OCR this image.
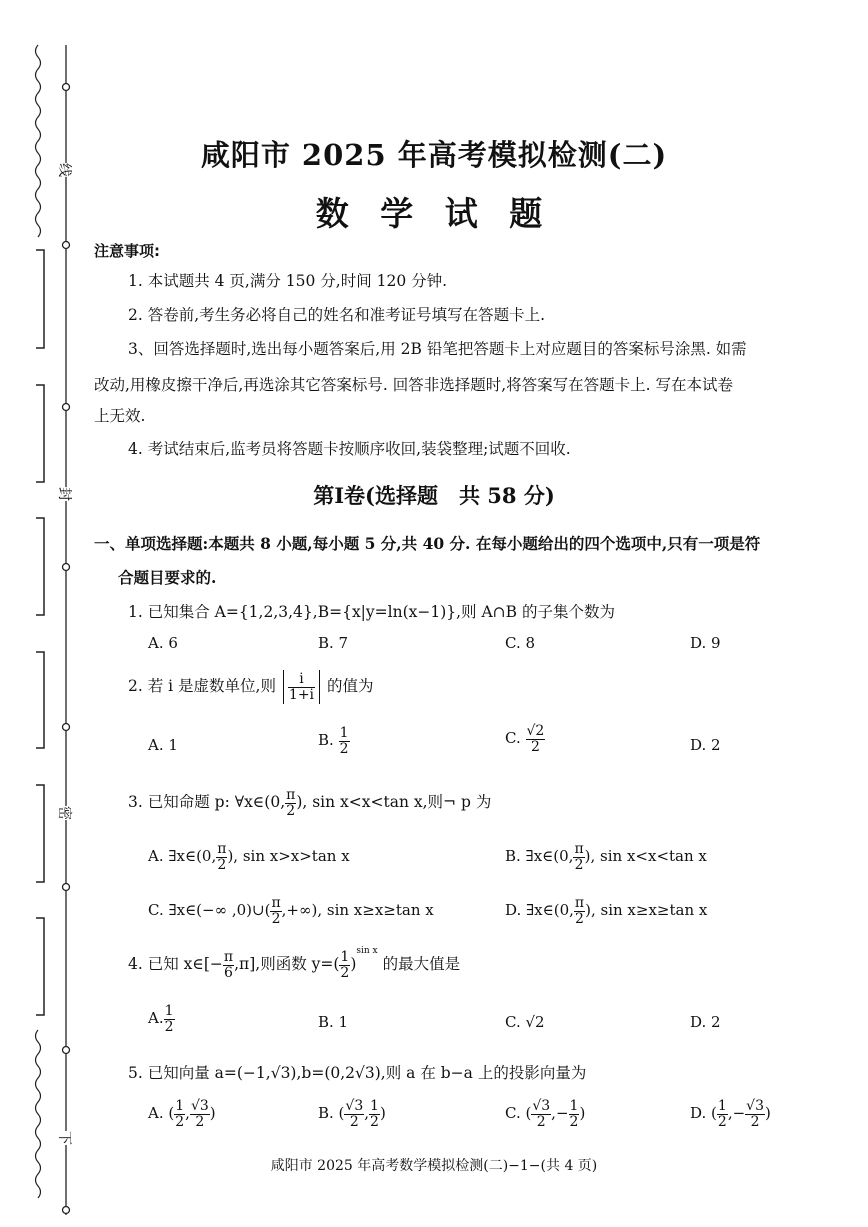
线
封
密
下
咸阳市 2025 年高考模拟检测(二)
数 学 试 题
注意事项:
1. 本试题共 4 页,满分 150 分,时间 120 分钟.
2. 答卷前,考生务必将自己的姓名和准考证号填写在答题卡上.
3、回答选择题时,选出每小题答案后,用 2B 铅笔把答题卡上对应题目的答案标号涂黑. 如需
改动,用橡皮擦干净后,再选涂其它答案标号. 回答非选择题时,将答案写在答题卡上. 写在本试卷
上无效.
4. 考试结束后,监考员将答题卡按顺序收回,装袋整理;试题不回收.
第Ⅰ卷(选择题　共 58 分)
一、单项选择题:本题共 8 小题,每小题 5 分,共 40 分. 在每小题给出的四个选项中,只有一项是符
合题目要求的.
1. 已知集合 A={1,2,3,4},B={x|y=ln(x−1)},则 A∩B 的子集个数为
A. 6	B. 7	C. 8	D. 9
2. 若 i 是虚数单位,则 $\frac{i}{1+i}$ 的值为
A. 1	B. $\frac{1}{2}$	C. $\frac{√2}{2}$	D. 2
3. 已知命题 p: ∀x∈(0, $\frac{\pi}{2}$ ), sin x<x<tan x,则¬ p 为
A. ∃x∈(0, $\frac{\pi}{2}$ ), sin x>x>tan x	B. ∃x∈(0, $\frac{\pi}{2}$ ), sin x<x<tan x
C. ∃x∈(−∞ ,0)∪( $\frac{\pi}{2}$ ,+∞), sin x≥x≥tan x	D. ∃x∈(0, $\frac{\pi}{2}$ ), sin x≥x≥tan x
4. 已知 x∈[− $\frac{\pi}{6} ,\pi$],则函数 $y=( \frac{1}{2} )^{sin x}$ 的最大值是
A. $\frac{1}{2}$	B. 1	C. √2	D. 2
5. 已知向量 a=(−1,√3),b=(0,2√3),则 a 在 b−a 上的投影向量为
A. ( $\frac{1}{2}$ , $\frac{√3}{2}$ )	B. ( $\frac{√3}{2}$ , $\frac{1}{2}$ )	C. ( $\frac{√3}{2}$ ,− $\frac{1}{2}$ )	D. ( $\frac{1}{2}$ ,− $\frac{√3}{2}$ )
咸阳市 2025 年高考数学模拟检测(二)−1−(共 4 页)
